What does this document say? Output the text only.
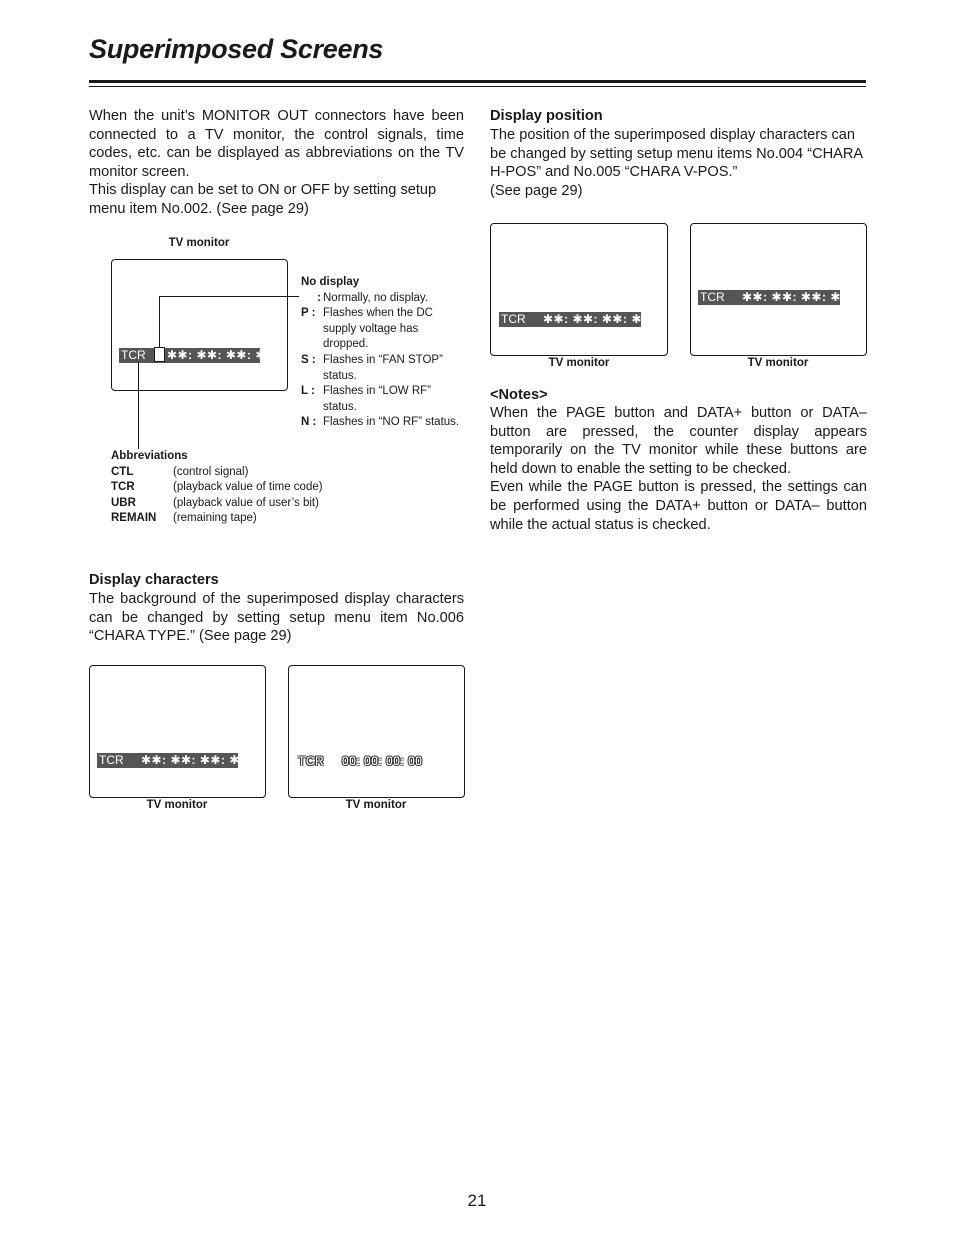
Superimposed Screens
When the unit’s MONITOR OUT connectors have been connected to a TV monitor, the control signals, time codes, etc. can be displayed as abbreviations on the TV monitor screen.
This display can be set to ON or OFF by setting setup menu item No.002. (See page 29)
TV monitor
TCR ✱✱: ✱✱: ✱✱: ✱✱
No display
: Normally, no display.
P : Flashes when the DC supply voltage has dropped.
S : Flashes in “FAN STOP” status.
L : Flashes in “LOW RF” status.
N : Flashes in “NO RF” status.
Abbreviations
CTL	(control signal)
TCR	(playback value of time code)
UBR	(playback value of user’s bit)
REMAIN	(remaining tape)
Display characters
The background of the superimposed display characters can be changed by setting setup menu item No.006 “CHARA TYPE.” (See page 29)
TCR ✱✱: ✱✱: ✱✱: ✱✱
TV monitor
TCR 00: 00: 00: 00
TV monitor
Display position
The position of the superimposed display characters can be changed by setting setup menu items No.004 “CHARA H-POS” and No.005 “CHARA V-POS.”
(See page 29)
TCR ✱✱: ✱✱: ✱✱: ✱✱
TV monitor
TCR ✱✱: ✱✱: ✱✱: ✱✱
TV monitor
<Notes>
When the PAGE button and DATA+ button or DATA– button are pressed, the counter display appears temporarily on the TV monitor while these buttons are held down to enable the setting to be checked.
Even while the PAGE button is pressed, the settings can be performed using the DATA+ button or DATA– button while the actual status is checked.
21
